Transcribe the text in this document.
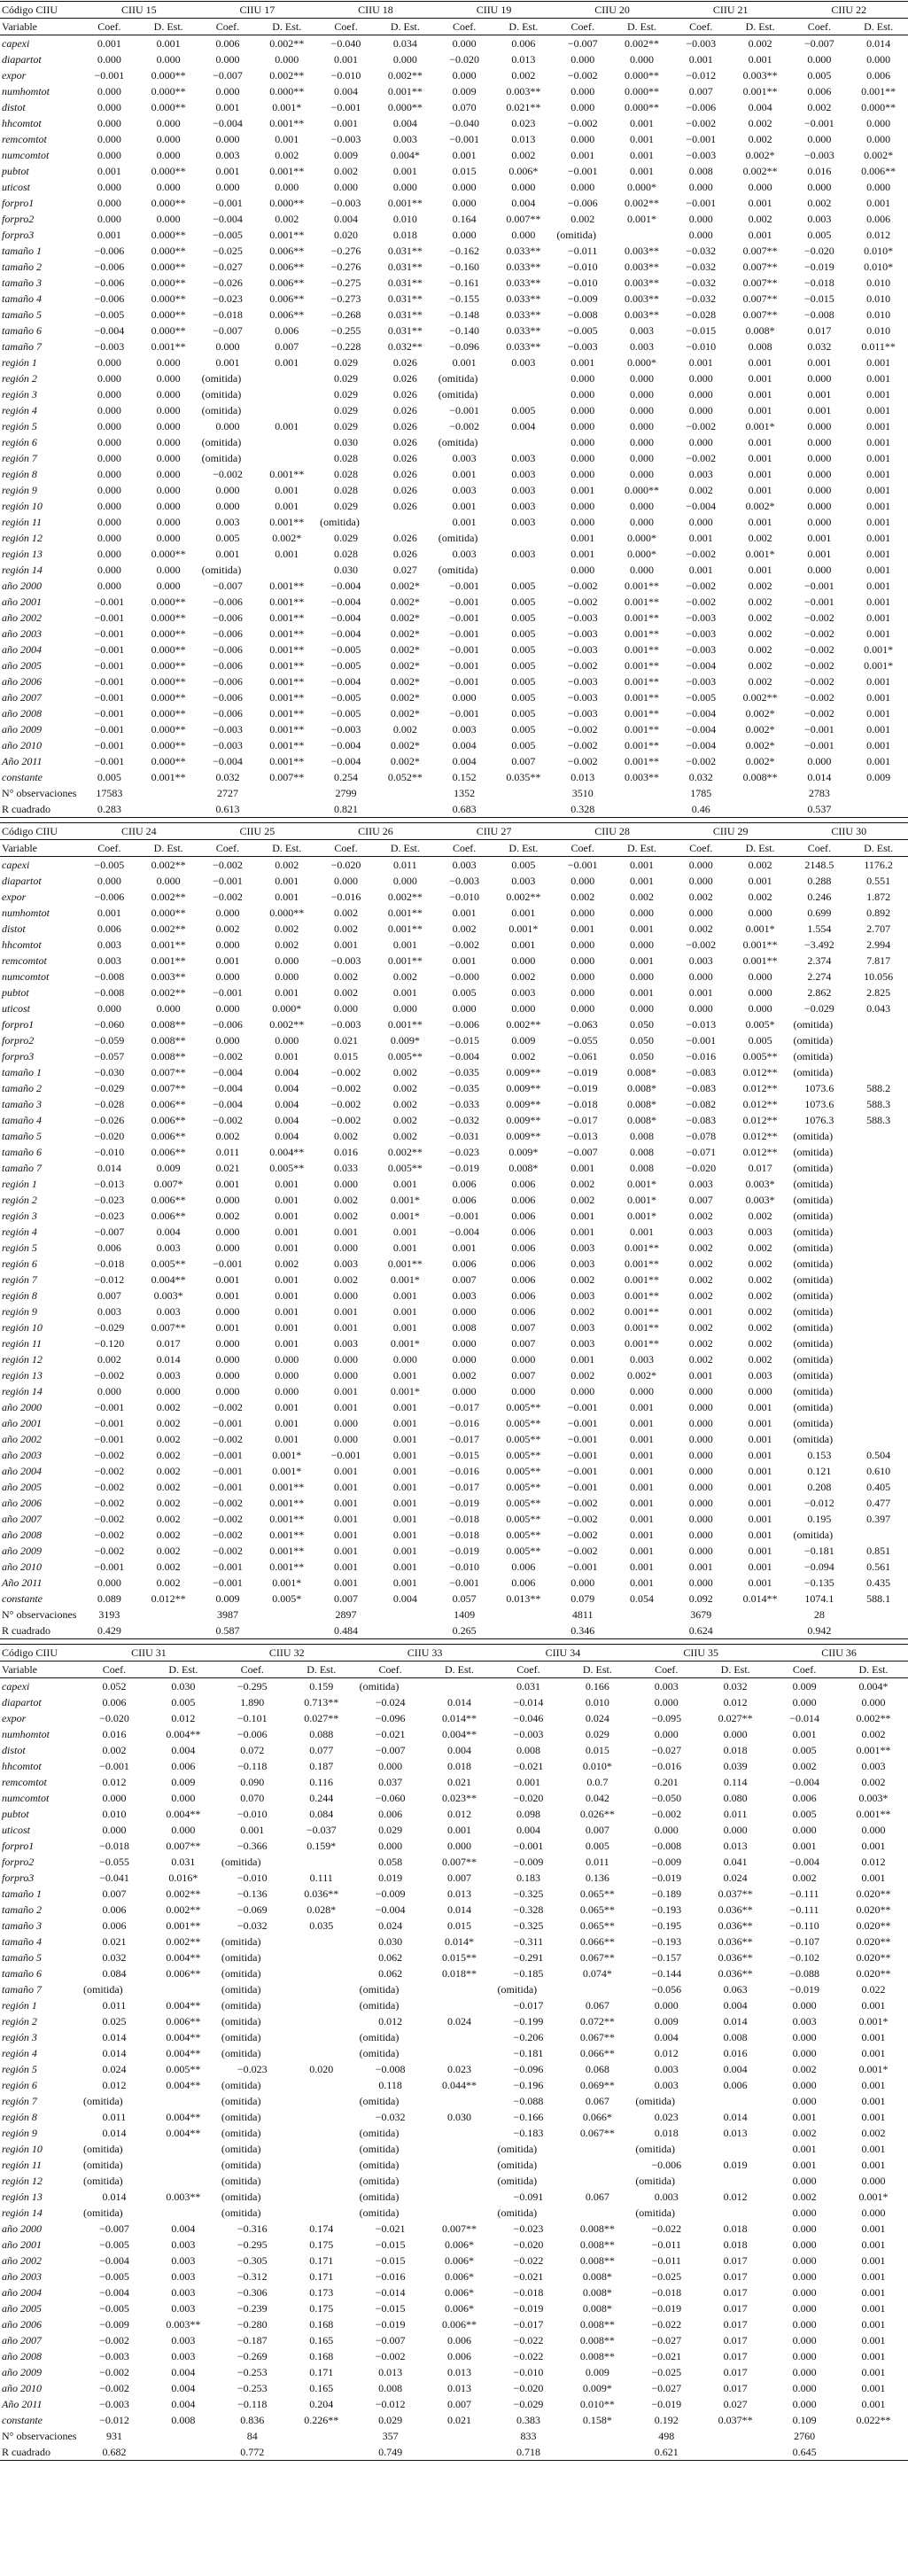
Código CIIU	CIIU 15		CIIU 17		CIIU 18		CIIU 19		CIIU 20		CIIU 21		CIIU 22	
Variable	Coef.	D. Est.	Coef.	D. Est.	Coef.	D. Est.	Coef.	D. Est.	Coef.	D. Est.	Coef.	D. Est.	Coef.	D. Est.
capexi	0.001	0.001	0.006	0.002**	−0.040	0.034	0.000	0.006	−0.007	0.002**	−0.003	0.002	−0.007	0.014
diapartot	0.000	0.000	0.000	0.000	0.001	0.000	−0.020	0.013	0.000	0.000	0.001	0.001	0.000	0.000
expor	−0.001	0.000**	−0.007	0.002**	−0.010	0.002**	0.000	0.002	−0.002	0.000**	−0.012	0.003**	0.005	0.006
numhomtot	0.000	0.000**	0.000	0.000**	0.004	0.001**	0.009	0.003**	0.000	0.000**	0.007	0.001**	0.006	0.001**
distot	0.000	0.000**	0.001	0.001*	−0.001	0.000**	0.070	0.021**	0.000	0.000**	−0.006	0.004	0.002	0.000**
hhcomtot	0.000	0.000	−0.004	0.001**	0.001	0.004	−0.040	0.023	−0.002	0.001	−0.002	0.002	−0.001	0.000
remcomtot	0.000	0.000	0.000	0.001	−0.003	0.003	−0.001	0.013	0.000	0.001	−0.001	0.002	0.000	0.000
numcomtot	0.000	0.000	0.003	0.002	0.009	0.004*	0.001	0.002	0.001	0.001	−0.003	0.002*	−0.003	0.002*
pubtot	0.001	0.000**	0.001	0.001**	0.002	0.001	0.015	0.006*	−0.001	0.001	0.008	0.002**	0.016	0.006**
uticost	0.000	0.000	0.000	0.000	0.000	0.000	0.000	0.000	0.000	0.000*	0.000	0.000	0.000	0.000
forpro1	0.000	0.000**	−0.001	0.000**	−0.003	0.001**	0.000	0.004	−0.006	0.002**	−0.001	0.001	0.002	0.001
forpro2	0.000	0.000	−0.004	0.002	0.004	0.010	0.164	0.007**	0.002	0.001*	0.000	0.002	0.003	0.006
forpro3	0.001	0.000**	−0.005	0.001**	0.020	0.018	0.000	0.000	(omitida)		0.000	0.001	0.005	0.012
tamaño 1	−0.006	0.000**	−0.025	0.006**	−0.276	0.031**	−0.162	0.033**	−0.011	0.003**	−0.032	0.007**	−0.020	0.010*
tamaño 2	−0.006	0.000**	−0.027	0.006**	−0.276	0.031**	−0.160	0.033**	−0.010	0.003**	−0.032	0.007**	−0.019	0.010*
tamaño 3	−0.006	0.000**	−0.026	0.006**	−0.275	0.031**	−0.161	0.033**	−0.010	0.003**	−0.032	0.007**	−0.018	0.010
tamaño 4	−0.006	0.000**	−0.023	0.006**	−0.273	0.031**	−0.155	0.033**	−0.009	0.003**	−0.032	0.007**	−0.015	0.010
tamaño 5	−0.005	0.000**	−0.018	0.006**	−0.268	0.031**	−0.148	0.033**	−0.008	0.003**	−0.028	0.007**	−0.008	0.010
tamaño 6	−0.004	0.000**	−0.007	0.006	−0.255	0.031**	−0.140	0.033**	−0.005	0.003	−0.015	0.008*	0.017	0.010
tamaño 7	−0.003	0.001**	0.000	0.007	−0.228	0.032**	−0.096	0.033**	−0.003	0.003	−0.010	0.008	0.032	0.011**
región 1	0.000	0.000	0.001	0.001	0.029	0.026	0.001	0.003	0.001	0.000*	0.001	0.001	0.001	0.001
región 2	0.000	0.000	(omitida)		0.029	0.026	(omitida)		0.000	0.000	0.000	0.001	0.000	0.001
región 3	0.000	0.000	(omitida)		0.029	0.026	(omitida)		0.000	0.000	0.000	0.001	0.001	0.001
región 4	0.000	0.000	(omitida)		0.029	0.026	−0.001	0.005	0.000	0.000	0.000	0.001	0.001	0.001
región 5	0.000	0.000	0.000	0.001	0.029	0.026	−0.002	0.004	0.000	0.000	−0.002	0.001*	0.000	0.001
región 6	0.000	0.000	(omitida)		0.030	0.026	(omitida)		0.000	0.000	0.000	0.001	0.000	0.001
región 7	0.000	0.000	(omitida)		0.028	0.026	0.003	0.003	0.000	0.000	−0.002	0.001	0.000	0.001
región 8	0.000	0.000	−0.002	0.001**	0.028	0.026	0.001	0.003	0.000	0.000	0.003	0.001	0.000	0.001
región 9	0.000	0.000	0.000	0.001	0.028	0.026	0.003	0.003	0.001	0.000**	0.002	0.001	0.000	0.001
región 10	0.000	0.000	0.000	0.001	0.029	0.026	0.001	0.003	0.000	0.000	−0.004	0.002*	0.000	0.001
región 11	0.000	0.000	0.003	0.001**	(omitida)		0.001	0.003	0.000	0.000	0.000	0.001	0.000	0.001
región 12	0.000	0.000	0.005	0.002*	0.029	0.026	(omitida)		0.001	0.000*	0.001	0.002	0.001	0.001
región 13	0.000	0.000**	0.001	0.001	0.028	0.026	0.003	0.003	0.001	0.000*	−0.002	0.001*	0.001	0.001
región 14	0.000	0.000	(omitida)		0.030	0.027	(omitida)		0.000	0.000	0.001	0.001	0.000	0.001
año 2000	0.000	0.000	−0.007	0.001**	−0.004	0.002*	−0.001	0.005	−0.002	0.001**	−0.002	0.002	−0.001	0.001
año 2001	−0.001	0.000**	−0.006	0.001**	−0.004	0.002*	−0.001	0.005	−0.002	0.001**	−0.002	0.002	−0.001	0.001
año 2002	−0.001	0.000**	−0.006	0.001**	−0.004	0.002*	−0.001	0.005	−0.003	0.001**	−0.003	0.002	−0.002	0.001
año 2003	−0.001	0.000**	−0.006	0.001**	−0.004	0.002*	−0.001	0.005	−0.003	0.001**	−0.003	0.002	−0.002	0.001
año 2004	−0.001	0.000**	−0.006	0.001**	−0.005	0.002*	−0.001	0.005	−0.003	0.001**	−0.003	0.002	−0.002	0.001*
año 2005	−0.001	0.000**	−0.006	0.001**	−0.005	0.002*	−0.001	0.005	−0.002	0.001**	−0.004	0.002	−0.002	0.001*
año 2006	−0.001	0.000**	−0.006	0.001**	−0.004	0.002*	−0.001	0.005	−0.003	0.001**	−0.003	0.002	−0.002	0.001
año 2007	−0.001	0.000**	−0.006	0.001**	−0.005	0.002*	0.000	0.005	−0.003	0.001**	−0.005	0.002**	−0.002	0.001
año 2008	−0.001	0.000**	−0.006	0.001**	−0.005	0.002*	−0.001	0.005	−0.003	0.001**	−0.004	0.002*	−0.002	0.001
año 2009	−0.001	0.000**	−0.003	0.001**	−0.003	0.002	0.003	0.005	−0.002	0.001**	−0.004	0.002*	−0.001	0.001
año 2010	−0.001	0.000**	−0.003	0.001**	−0.004	0.002*	0.004	0.005	−0.002	0.001**	−0.004	0.002*	−0.001	0.001
Año 2011	−0.001	0.000**	−0.004	0.001**	−0.004	0.002*	0.004	0.007	−0.002	0.001**	−0.002	0.002*	0.000	0.001
constante	0.005	0.001**	0.032	0.007**	0.254	0.052**	0.152	0.035**	0.013	0.003**	0.032	0.008**	0.014	0.009
N° observaciones	17583		2727		2799		1352		3510		1785		2783	
R cuadrado	0.283		0.613		0.821		0.683		0.328		0.46		0.537	
Código CIIU	CIIU 24		CIIU 25		CIIU 26		CIIU 27		CIIU 28		CIIU 29		CIIU 30	
Variable	Coef.	D. Est.	Coef.	D. Est.	Coef.	D. Est.	Coef.	D. Est.	Coef.	D. Est.	Coef.	D. Est.	Coef.	D. Est.
capexi	−0.005	0.002**	−0.002	0.002	−0.020	0.011	0.003	0.005	−0.001	0.001	0.000	0.002	2148.5	1176.2
diapartot	0.000	0.000	−0.001	0.001	0.000	0.000	−0.003	0.003	0.000	0.001	0.000	0.001	0.288	0.551
expor	−0.006	0.002**	−0.002	0.001	−0.016	0.002**	−0.010	0.002**	0.002	0.002	0.002	0.002	0.246	1.872
numhomtot	0.001	0.000**	0.000	0.000**	0.002	0.001**	0.001	0.001	0.000	0.000	0.000	0.000	0.699	0.892
distot	0.006	0.002**	0.002	0.002	0.002	0.001**	0.002	0.001*	0.001	0.001	0.002	0.001*	1.554	2.707
hhcomtot	0.003	0.001**	0.000	0.002	0.001	0.001	−0.002	0.001	0.000	0.000	−0.002	0.001**	−3.492	2.994
remcomtot	0.003	0.001**	0.001	0.000	−0.003	0.001**	0.001	0.000	0.000	0.001	0.003	0.001**	2.374	7.817
numcomtot	−0.008	0.003**	0.000	0.000	0.002	0.002	−0.000	0.002	0.000	0.000	0.000	0.000	2.274	10.056
pubtot	−0.008	0.002**	−0.001	0.001	0.002	0.001	0.005	0.003	0.000	0.001	0.001	0.000	2.862	2.825
uticost	0.000	0.000	0.000	0.000*	0.000	0.000	0.000	0.000	0.000	0.000	0.000	0.000	−0.029	0.043
forpro1	−0.060	0.008**	−0.006	0.002**	−0.003	0.001**	−0.006	0.002**	−0.063	0.050	−0.013	0.005*	(omitida)	
forpro2	−0.059	0.008**	0.000	0.000	0.021	0.009*	−0.015	0.009	−0.055	0.050	−0.001	0.005	(omitida)	
forpro3	−0.057	0.008**	−0.002	0.001	0.015	0.005**	−0.004	0.002	−0.061	0.050	−0.016	0.005**	(omitida)	
tamaño 1	−0.030	0.007**	−0.004	0.004	−0.002	0.002	−0.035	0.009**	−0.019	0.008*	−0.083	0.012**	(omitida)	
tamaño 2	−0.029	0.007**	−0.004	0.004	−0.002	0.002	−0.035	0.009**	−0.019	0.008*	−0.083	0.012**	1073.6	588.2
tamaño 3	−0.028	0.006**	−0.004	0.004	−0.002	0.002	−0.033	0.009**	−0.018	0.008*	−0.082	0.012**	1073.6	588.3
tamaño 4	−0.026	0.006**	−0.002	0.004	−0.002	0.002	−0.032	0.009**	−0.017	0.008*	−0.083	0.012**	1076.3	588.3
tamaño 5	−0.020	0.006**	0.002	0.004	0.002	0.002	−0.031	0.009**	−0.013	0.008	−0.078	0.012**	(omitida)	
tamaño 6	−0.010	0.006**	0.011	0.004**	0.016	0.002**	−0.023	0.009*	−0.007	0.008	−0.071	0.012**	(omitida)	
tamaño 7	0.014	0.009	0.021	0.005**	0.033	0.005**	−0.019	0.008*	0.001	0.008	−0.020	0.017	(omitida)	
región 1	−0.013	0.007*	0.001	0.001	0.000	0.001	0.006	0.006	0.002	0.001*	0.003	0.003*	(omitida)	
región 2	−0.023	0.006**	0.000	0.001	0.002	0.001*	0.006	0.006	0.002	0.001*	0.007	0.003*	(omitida)	
región 3	−0.023	0.006**	0.002	0.001	0.002	0.001*	−0.001	0.006	0.001	0.001*	0.002	0.002	(omitida)	
región 4	−0.007	0.004	0.000	0.001	0.001	0.001	−0.004	0.006	0.001	0.001	0.003	0.003	(omitida)	
región 5	0.006	0.003	0.000	0.001	0.000	0.001	0.001	0.006	0.003	0.001**	0.002	0.002	(omitida)	
región 6	−0.018	0.005**	−0.001	0.002	0.003	0.001**	0.006	0.006	0.003	0.001**	0.002	0.002	(omitida)	
región 7	−0.012	0.004**	0.001	0.001	0.002	0.001*	0.007	0.006	0.002	0.001**	0.002	0.002	(omitida)	
región 8	0.007	0.003*	0.001	0.001	0.000	0.001	0.003	0.006	0.003	0.001**	0.002	0.002	(omitida)	
región 9	0.003	0.003	0.000	0.001	0.001	0.001	0.000	0.006	0.002	0.001**	0.001	0.002	(omitida)	
región 10	−0.029	0.007**	0.001	0.001	0.001	0.001	0.008	0.007	0.003	0.001**	0.002	0.002	(omitida)	
región 11	−0.120	0.017	0.000	0.001	0.003	0.001*	0.000	0.007	0.003	0.001**	0.002	0.002	(omitida)	
región 12	0.002	0.014	0.000	0.000	0.000	0.000	0.000	0.000	0.001	0.003	0.002	0.002	(omitida)	
región 13	−0.002	0.003	0.000	0.000	0.000	0.001	0.002	0.007	0.002	0.002*	0.001	0.003	(omitida)	
región 14	0.000	0.000	0.000	0.000	0.001	0.001*	0.000	0.000	0.000	0.000	0.000	0.000	(omitida)	
año 2000	−0.001	0.002	−0.002	0.001	0.001	0.001	−0.017	0.005**	−0.001	0.001	0.000	0.001	(omitida)	
año 2001	−0.001	0.002	−0.001	0.001	0.000	0.001	−0.016	0.005**	−0.001	0.001	0.000	0.001	(omitida)	
año 2002	−0.001	0.002	−0.002	0.001	0.000	0.001	−0.017	0.005**	−0.001	0.001	0.000	0.001	(omitida)	
año 2003	−0.002	0.002	−0.001	0.001*	−0.001	0.001	−0.015	0.005**	−0.001	0.001	0.000	0.001	0.153	0.504
año 2004	−0.002	0.002	−0.001	0.001*	0.001	0.001	−0.016	0.005**	−0.001	0.001	0.000	0.001	0.121	0.610
año 2005	−0.002	0.002	−0.001	0.001**	0.001	0.001	−0.017	0.005**	−0.001	0.001	0.000	0.001	0.208	0.405
año 2006	−0.002	0.002	−0.002	0.001**	0.001	0.001	−0.019	0.005**	−0.002	0.001	0.000	0.001	−0.012	0.477
año 2007	−0.002	0.002	−0.002	0.001**	0.001	0.001	−0.018	0.005**	−0.002	0.001	0.000	0.001	0.195	0.397
año 2008	−0.002	0.002	−0.002	0.001**	0.001	0.001	−0.018	0.005**	−0.002	0.001	0.000	0.001	(omitida)	
año 2009	−0.002	0.002	−0.002	0.001**	0.001	0.001	−0.019	0.005**	−0.002	0.001	0.000	0.001	−0.181	0.851
año 2010	−0.001	0.002	−0.001	0.001**	0.001	0.001	−0.010	0.006	−0.001	0.001	0.001	0.001	−0.094	0.561
Año 2011	0.000	0.002	−0.001	0.001*	0.001	0.001	−0.001	0.006	0.000	0.001	0.000	0.001	−0.135	0.435
constante	0.089	0.012**	0.009	0.005*	0.007	0.004	0.057	0.013**	0.079	0.054	0.092	0.014**	1074.1	588.1
N° observaciones	3193		3987		2897		1409		4811		3679		28	
R cuadrado	0.429		0.587		0.484		0.265		0.346		0.624		0.942	
Código CIIU	CIIU 31		CIIU 32		CIIU 33		CIIU 34		CIIU 35		CIIU 36	
Variable	Coef.	D. Est.	Coef.	D. Est.	Coef.	D. Est.	Coef.	D. Est.	Coef.	D. Est.	Coef.	D. Est.
capexi	0.052	0.030	−0.295	0.159	(omitida)		0.031	0.166	0.003	0.032	0.009	0.004*
diapartot	0.006	0.005	1.890	0.713**	−0.024	0.014	−0.014	0.010	0.000	0.012	0.000	0.000
expor	−0.020	0.012	−0.101	0.027**	−0.096	0.014**	−0.046	0.024	−0.095	0.027**	−0.014	0.002**
numhomtot	0.016	0.004**	−0.006	0.088	−0.021	0.004**	−0.003	0.029	0.000	0.000	0.001	0.002
distot	0.002	0.004	0.072	0.077	−0.007	0.004	0.008	0.015	−0.027	0.018	0.005	0.001**
hhcomtot	−0.001	0.006	−0.118	0.187	0.000	0.018	−0.021	0.010*	−0.016	0.039	0.002	0.003
remcomtot	0.012	0.009	0.090	0.116	0.037	0.021	0.001	0.0.7	0.201	0.114	−0.004	0.002
numcomtot	0.000	0.000	0.070	0.244	−0.060	0.023**	−0.020	0.042	−0.050	0.080	0.006	0.003*
pubtot	0.010	0.004**	−0.010	0.084	0.006	0.012	0.098	0.026**	−0.002	0.011	0.005	0.001**
uticost	0.000	0.000	0.001	−0.037	0.029	0.001	0.004	0.007	0.000	0.000	0.000	0.000
forpro1	−0.018	0.007**	−0.366	0.159*	0.000	0.000	−0.001	0.005	−0.008	0.013	0.001	0.001
forpro2	−0.055	0.031	(omitida)		0.058	0.007**	−0.009	0.011	−0.009	0.041	−0.004	0.012
forpro3	−0.041	0.016*	−0.010	0.111	0.019	0.007	0.183	0.136	−0.019	0.024	0.002	0.001
tamaño 1	0.007	0.002**	−0.136	0.036**	−0.009	0.013	−0.325	0.065**	−0.189	0.037**	−0.111	0.020**
tamaño 2	0.006	0.002**	−0.069	0.028*	−0.004	0.014	−0.328	0.065**	−0.193	0.036**	−0.111	0.020**
tamaño 3	0.006	0.001**	−0.032	0.035	0.024	0.015	−0.325	0.065**	−0.195	0.036**	−0.110	0.020**
tamaño 4	0.021	0.002**	(omitida)		0.030	0.014*	−0.311	0.066**	−0.193	0.036**	−0.107	0.020**
tamaño 5	0.032	0.004**	(omitida)		0.062	0.015**	−0.291	0.067**	−0.157	0.036**	−0.102	0.020**
tamaño 6	0.084	0.006**	(omitida)		0.062	0.018**	−0.185	0.074*	−0.144	0.036**	−0.088	0.020**
tamaño 7	(omitida)		(omitida)		(omitida)		(omitida)		−0.056	0.063	−0.019	0.022
región 1	0.011	0.004**	(omitida)		(omitida)		−0.017	0.067	0.000	0.004	0.000	0.001
región 2	0.025	0.006**	(omitida)		0.012	0.024	−0.199	0.072**	0.009	0.014	0.003	0.001*
región 3	0.014	0.004**	(omitida)		(omitida)		−0.206	0.067**	0.004	0.008	0.000	0.001
región 4	0.014	0.004**	(omitida)		(omitida)		−0.181	0.066**	0.012	0.016	0.000	0.001
región 5	0.024	0.005**	−0.023	0.020	−0.008	0.023	−0.096	0.068	0.003	0.004	0.002	0.001*
región 6	0.012	0.004**	(omitida)		0.118	0.044**	−0.196	0.069**	0.003	0.006	0.000	0.001
región 7	(omitida)		(omitida)		(omitida)		−0.088	0.067	(omitida)		0.000	0.001
región 8	0.011	0.004**	(omitida)		−0.032	0.030	−0.166	0.066*	0.023	0.014	0.001	0.001
región 9	0.014	0.004**	(omitida)		(omitida)		−0.183	0.067**	0.018	0.013	0.002	0.002
región 10	(omitida)		(omitida)		(omitida)		(omitida)		(omitida)		0.001	0.001
región 11	(omitida)		(omitida)		(omitida)		(omitida)		−0.006	0.019	0.001	0.001
región 12	(omitida)		(omitida)		(omitida)		(omitida)		(omitida)		0.000	0.000
región 13	0.014	0.003**	(omitida)		(omitida)		−0.091	0.067	0.003	0.012	0.002	0.001*
región 14	(omitida)		(omitida)		(omitida)		(omitida)		(omitida)		0.000	0.000
año 2000	−0.007	0.004	−0.316	0.174	−0.021	0.007**	−0.023	0.008**	−0.022	0.018	0.000	0.001
año 2001	−0.005	0.003	−0.295	0.175	−0.015	0.006*	−0.020	0.008**	−0.011	0.018	0.000	0.001
año 2002	−0.004	0.003	−0.305	0.171	−0.015	0.006*	−0.022	0.008**	−0.011	0.017	0.000	0.001
año 2003	−0.005	0.003	−0.312	0.171	−0.016	0.006*	−0.021	0.008*	−0.025	0.017	0.000	0.001
año 2004	−0.004	0.003	−0.306	0.173	−0.014	0.006*	−0.018	0.008*	−0.018	0.017	0.000	0.001
año 2005	−0.005	0.003	−0.239	0.175	−0.015	0.006*	−0.019	0.008*	−0.019	0.017	0.000	0.001
año 2006	−0.009	0.003**	−0.280	0.168	−0.019	0.006**	−0.017	0.008**	−0.022	0.017	0.000	0.001
año 2007	−0.002	0.003	−0.187	0.165	−0.007	0.006	−0.022	0.008**	−0.027	0.017	0.000	0.001
año 2008	−0.003	0.003	−0.269	0.168	−0.002	0.006	−0.022	0.008**	−0.021	0.017	0.000	0.001
año 2009	−0.002	0.004	−0.253	0.171	0.013	0.013	−0.010	0.009	−0.025	0.017	0.000	0.001
año 2010	−0.002	0.004	−0.253	0.165	0.008	0.013	−0.020	0.009*	−0.027	0.017	0.000	0.001
Año 2011	−0.003	0.004	−0.118	0.204	−0.012	0.007	−0.029	0.010**	−0.019	0.027	0.000	0.001
constante	−0.012	0.008	0.836	0.226**	0.029	0.021	0.383	0.158*	0.192	0.037**	0.109	0.022**
N° observaciones	931		84		357		833		498		2760	
R cuadrado	0.682		0.772		0.749		0.718		0.621		0.645	
